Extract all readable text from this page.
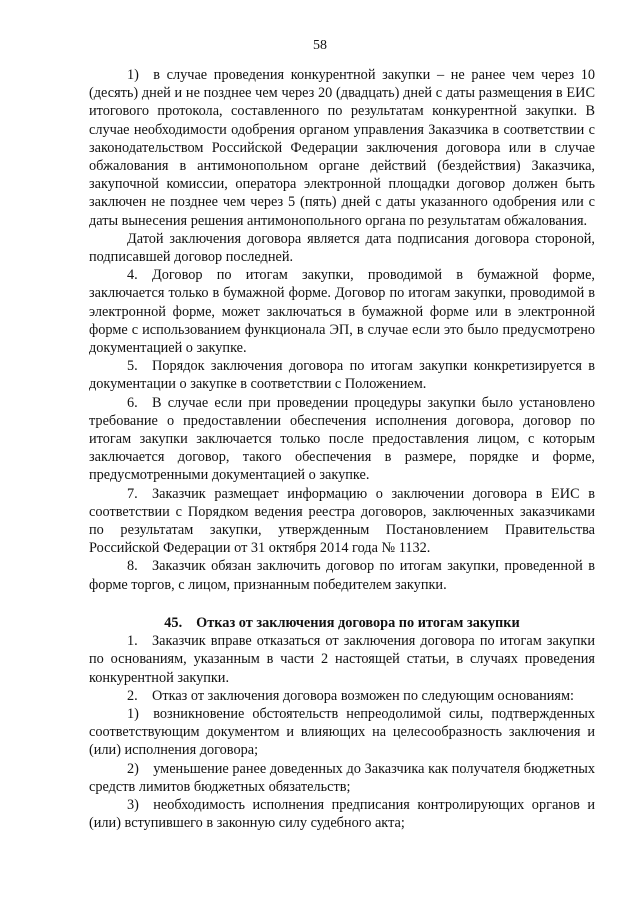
58

1) в случае проведения конкурентной закупки – не ранее чем через 10 (десять) дней и не позднее чем через 20 (двадцать) дней с даты размещения в ЕИС итогового протокола, составленного по результатам конкурентной закупки. В случае необходимости одобрения органом управления Заказчика в соответствии с законодательством Российской Федерации заключения договора или в случае обжалования в антимонопольном органе действий (бездействия) Заказчика, закупочной комиссии, оператора электронной площадки договор должен быть заключен не позднее чем через 5 (пять) дней с даты указанного одобрения или с даты вынесения решения антимонопольного органа по результатам обжалования.

Датой заключения договора является дата подписания договора стороной, подписавшей договор последней.

4. Договор по итогам закупки, проводимой в бумажной форме, заключается только в бумажной форме. Договор по итогам закупки, проводимой в электронной форме, может заключаться в бумажной форме или в электронной форме с использованием функционала ЭП, в случае если это было предусмотрено документацией о закупке.

5. Порядок заключения договора по итогам закупки конкретизируется в документации о закупке в соответствии с Положением.

6. В случае если при проведении процедуры закупки было установлено требование о предоставлении обеспечения исполнения договора, договор по итогам закупки заключается только после предоставления лицом, с которым заключается договор, такого обеспечения в размере, порядке и форме, предусмотренными документацией о закупке.

7. Заказчик размещает информацию о заключении договора в ЕИС в соответствии с Порядком ведения реестра договоров, заключенных заказчиками по результатам закупки, утвержденным Постановлением Правительства Российской Федерации от 31 октября 2014 года № 1132.

8. Заказчик обязан заключить договор по итогам закупки, проведенной в форме торгов, с лицом, признанным победителем закупки.

45. Отказ от заключения договора по итогам закупки

1. Заказчик вправе отказаться от заключения договора по итогам закупки по основаниям, указанным в части 2 настоящей статьи, в случаях проведения конкурентной закупки.

2. Отказ от заключения договора возможен по следующим основаниям:

1) возникновение обстоятельств непреодолимой силы, подтвержденных соответствующим документом и влияющих на целесообразность заключения и (или) исполнения договора;

2) уменьшение ранее доведенных до Заказчика как получателя бюджетных средств лимитов бюджетных обязательств;

3) необходимость исполнения предписания контролирующих органов и (или) вступившего в законную силу судебного акта;
